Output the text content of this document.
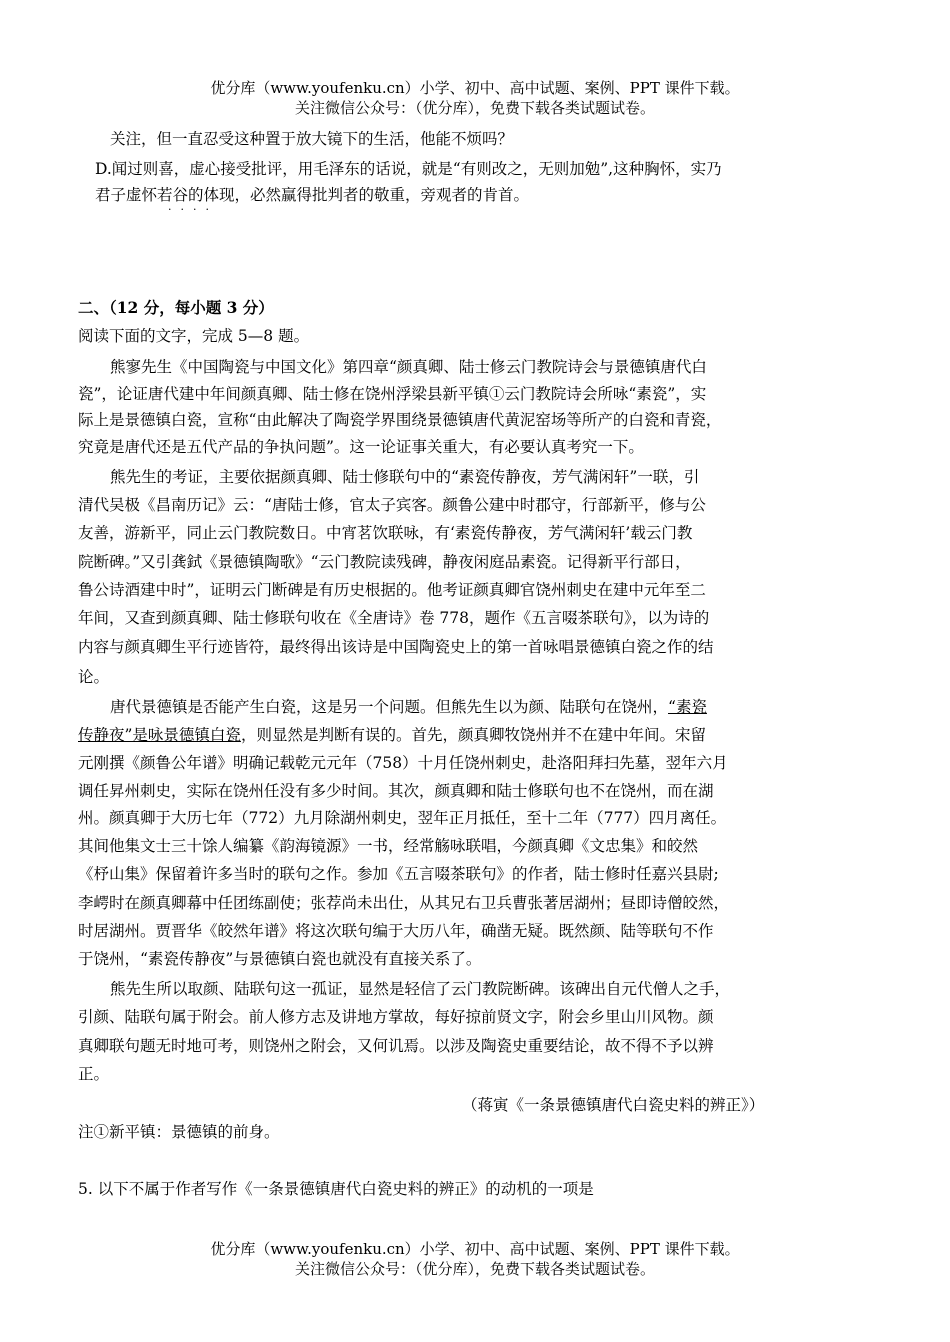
优分库（www.youfenku.cn）小学、初中、高中试题、案例、PPT 课件下载。
关注微信公众号：（优分库），免费下载各类试题试卷。
关注，但一直忍受这种置于放大镜下的生活，他能不烦吗？
D.闻过则喜，虚心接受批评，用毛泽东的话说，就是“有则改之，无则加勉”,这种胸怀，实乃
君子虚怀若谷的体现，必然赢得批判者的敬重，旁观者的肯首。
····
二、（12 分，每小题 3 分）
阅读下面的文字，完成 5—8 题。
熊寥先生《中国陶瓷与中国文化》第四章“颜真卿、陆士修云门教院诗会与景德镇唐代白
瓷”，论证唐代建中年间颜真卿、陆士修在饶州浮梁县新平镇①云门教院诗会所咏“素瓷”，实
际上是景德镇白瓷，宣称“由此解决了陶瓷学界围绕景德镇唐代黄泥窑场等所产的白瓷和青瓷，
究竟是唐代还是五代产品的争执问题”。这一论证事关重大，有必要认真考究一下。
熊先生的考证，主要依据颜真卿、陆士修联句中的“素瓷传静夜，芳气满闲轩”一联，引
清代吴极《昌南历记》云：“唐陆士修，官太子宾客。颜鲁公建中时郡守，行部新平，修与公
友善，游新平，同止云门教院数日。中宵茗饮联咏，有‘素瓷传静夜，芳气满闲轩’载云门教
院断碑。”又引龚鉽《景德镇陶歌》“云门教院读残碑，静夜闲庭品素瓷。记得新平行部日，
鲁公诗酒建中时”，证明云门断碑是有历史根据的。他考证颜真卿官饶州刺史在建中元年至二
年间，又查到颜真卿、陆士修联句收在《全唐诗》卷 778，题作《五言啜茶联句》，以为诗的
内容与颜真卿生平行迹皆符，最终得出该诗是中国陶瓷史上的第一首咏唱景德镇白瓷之作的结
论。
唐代景德镇是否能产生白瓷，这是另一个问题。但熊先生以为颜、陆联句在饶州，“素瓷
传静夜”是咏景德镇白瓷，则显然是判断有误的。首先，颜真卿牧饶州并不在建中年间。宋留
元刚撰《颜鲁公年谱》明确记载乾元元年（758）十月任饶州刺史，赴洛阳拜扫先墓，翌年六月
调任昇州刺史，实际在饶州任没有多少时间。其次，颜真卿和陆士修联句也不在饶州，而在湖
州。颜真卿于大历七年（772）九月除湖州刺史，翌年正月抵任，至十二年（777）四月离任。
其间他集文士三十馀人编纂《韵海镜源》一书，经常觞咏联唱，今颜真卿《文忠集》和皎然
《杼山集》保留着许多当时的联句之作。参加《五言啜茶联句》的作者，陆士修时任嘉兴县尉;
李崿时在颜真卿幕中任团练副使；张荐尚未出仕，从其兄右卫兵曹张著居湖州；昼即诗僧皎然，
时居湖州。贾晋华《皎然年谱》将这次联句编于大历八年，确凿无疑。既然颜、陆等联句不作
于饶州，“素瓷传静夜”与景德镇白瓷也就没有直接关系了。
熊先生所以取颜、陆联句这一孤证，显然是轻信了云门教院断碑。该碑出自元代僧人之手，
引颜、陆联句属于附会。前人修方志及讲地方掌故，每好掠前贤文字，附会乡里山川风物。颜
真卿联句题无时地可考，则饶州之附会，又何讥焉。以涉及陶瓷史重要结论，故不得不予以辨
正。
（蒋寅《一条景德镇唐代白瓷史料的辨正》）
注①新平镇：景德镇的前身。
5. 以下不属于作者写作《一条景德镇唐代白瓷史料的辨正》的动机的一项是
优分库（www.youfenku.cn）小学、初中、高中试题、案例、PPT 课件下载。
关注微信公众号：（优分库），免费下载各类试题试卷。
